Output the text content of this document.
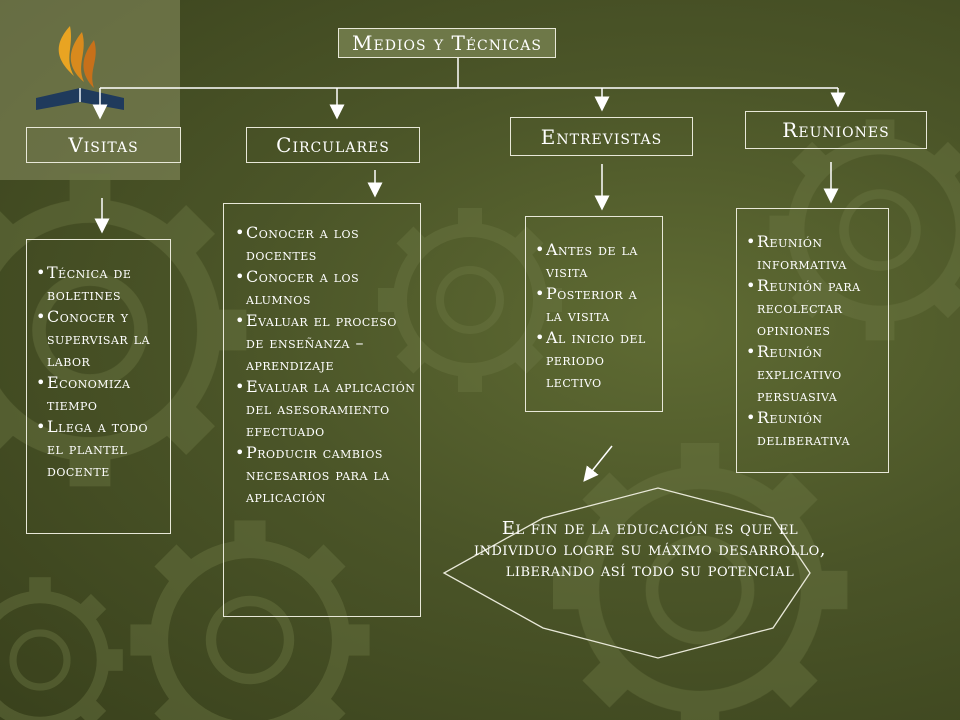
Medios y Técnicas
Visitas	Circulares	Entrevistas	Reuniones
• Técnica de boletines
• Conocer y supervisar la labor
• Economiza tiempo
• Llega a todo el plantel docente
• Conocer a los docentes
• Conocer a los alumnos
• Evaluar el proceso de enseñanza – aprendizaje
• Evaluar la aplicación del asesoramiento efectuado
• Producir cambios necesarios para la aplicación
• Antes de la visita
• Posterior a la visita
• Al inicio del periodo lectivo
• Reunión informativa
• Reunión para recolectar opiniones
• Reunión explicativo persuasiva
• Reunión deliberativa
El fin de la educación es que el individuo logre su máximo desarrollo, liberando así todo su potencial
